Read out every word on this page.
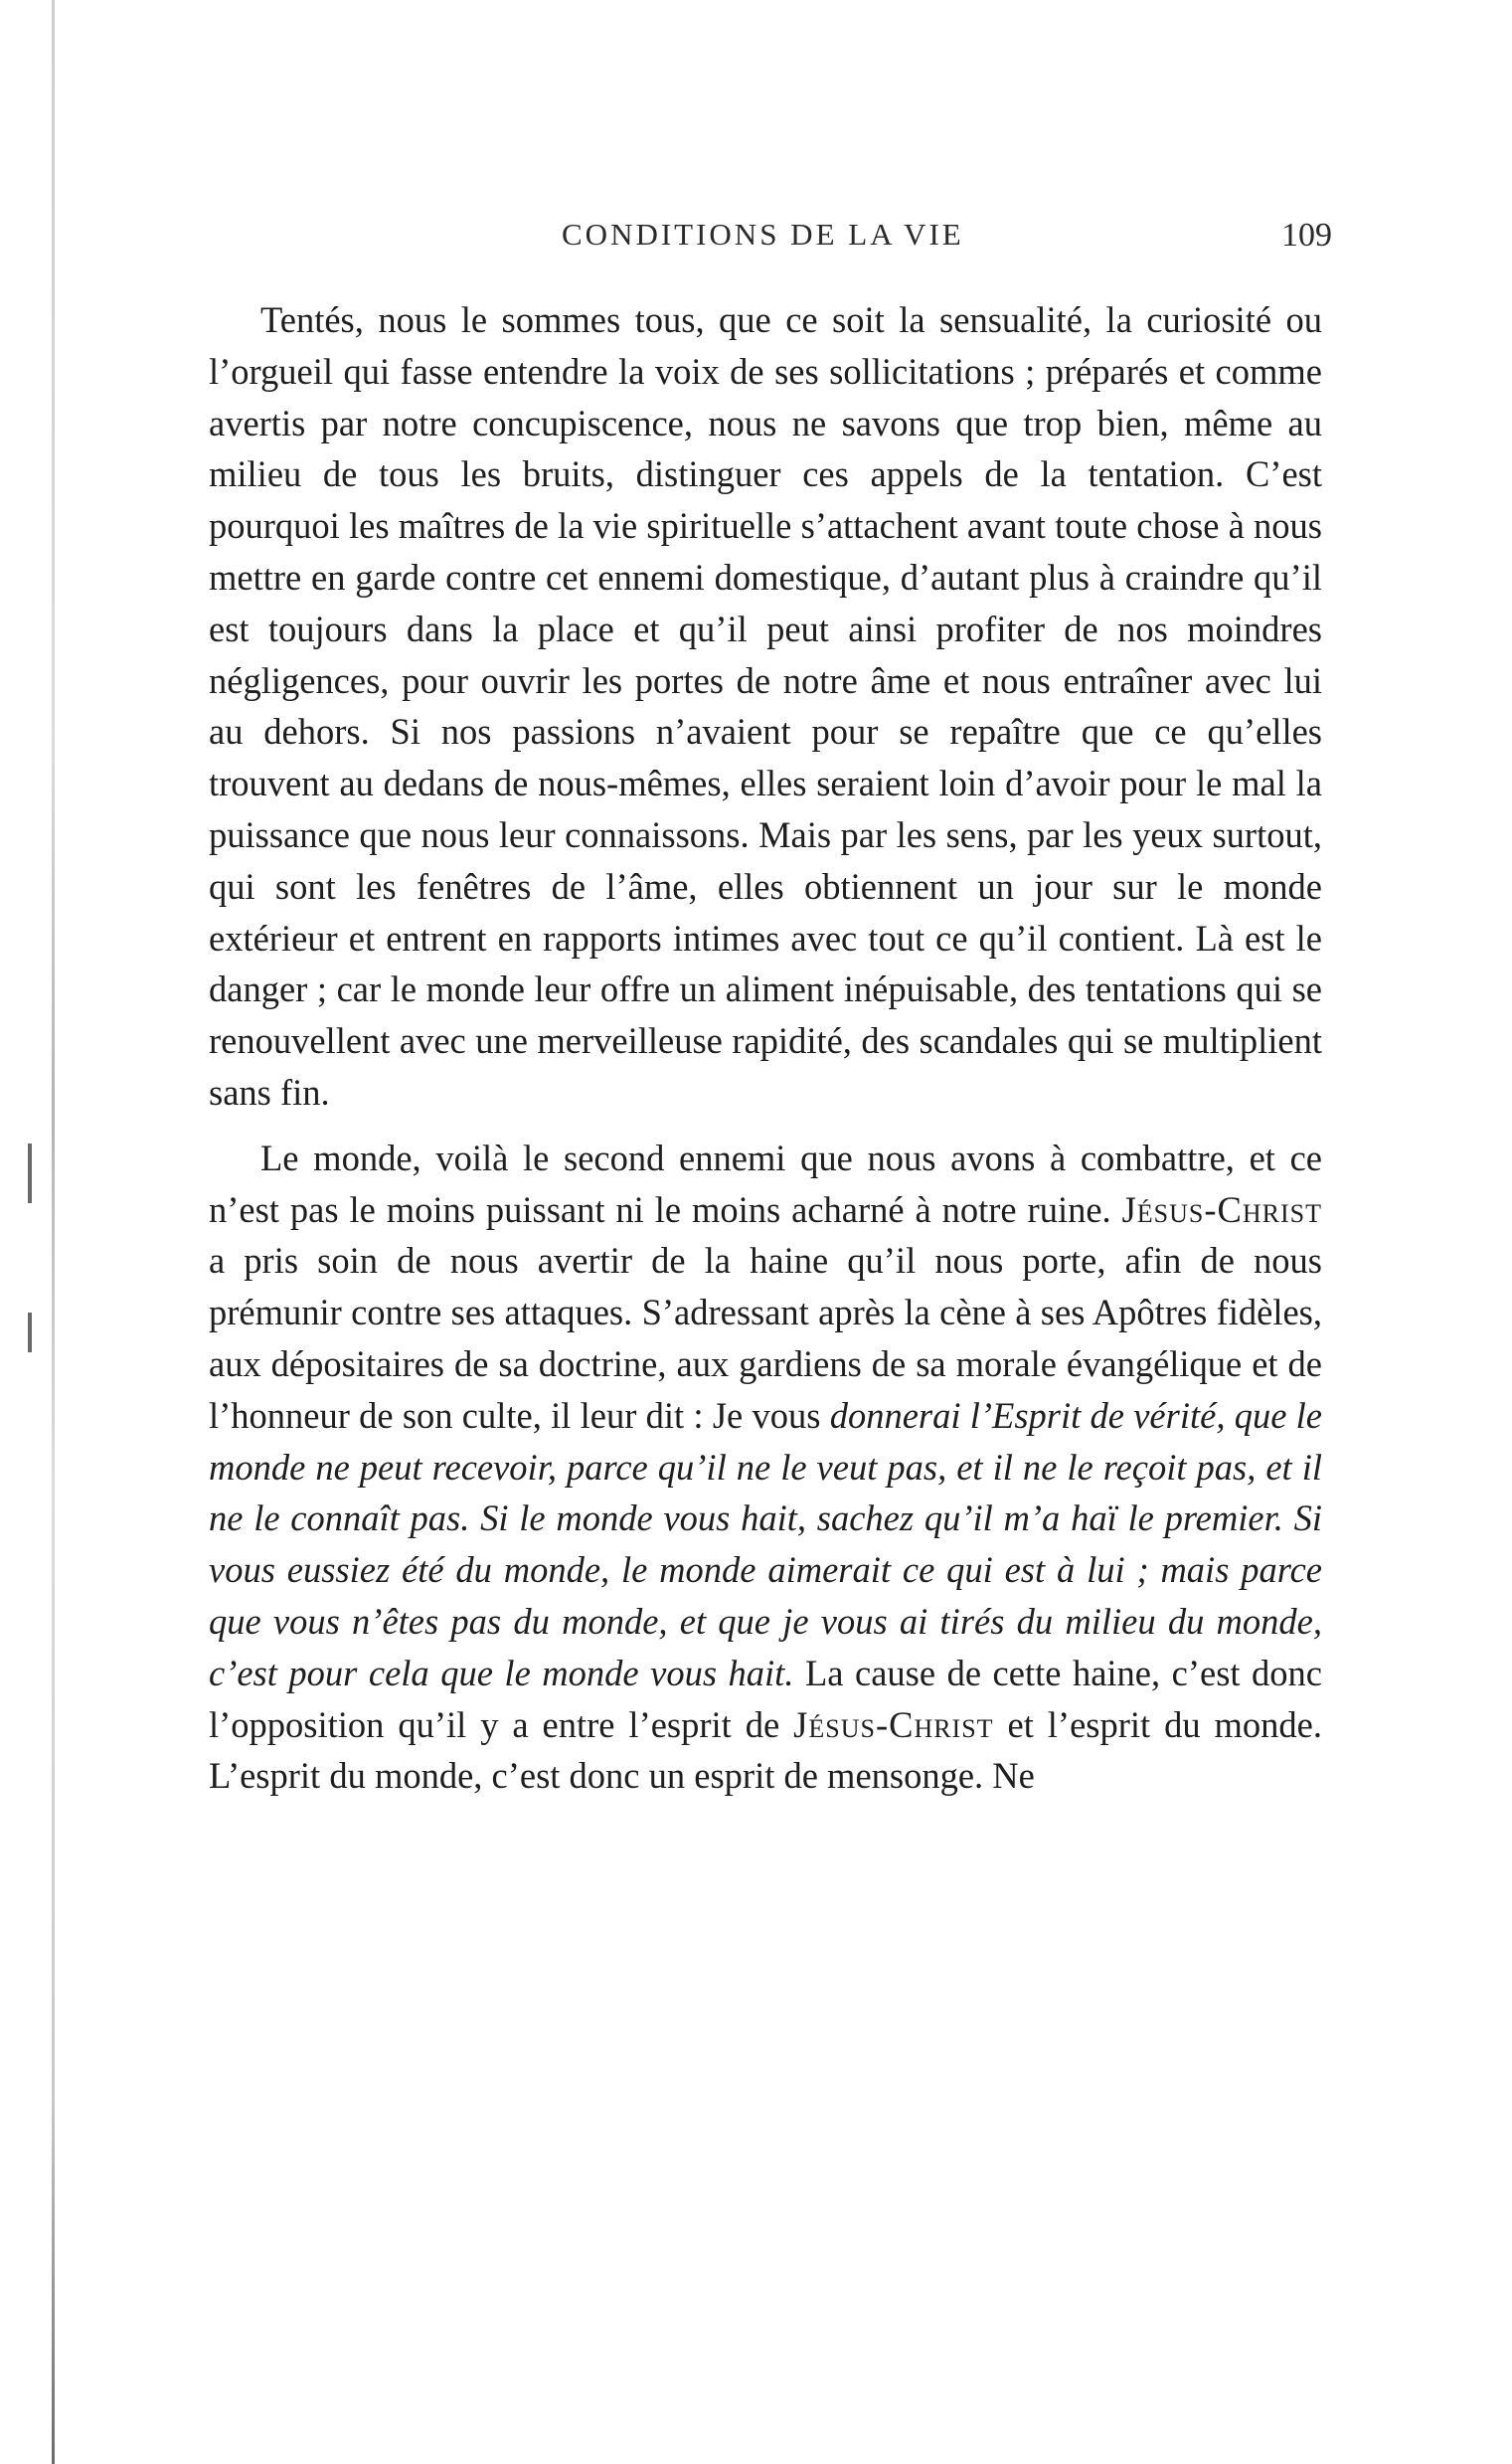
CONDITIONS DE LA VIE	109

Tentés, nous le sommes tous, que ce soit la sensualité, la curiosité ou l’orgueil qui fasse entendre la voix de ses sollicitations ; préparés et comme avertis par notre concupiscence, nous ne savons que trop bien, même au milieu de tous les bruits, distinguer ces appels de la tentation. C’est pourquoi les maîtres de la vie spirituelle s’attachent avant toute chose à nous mettre en garde contre cet ennemi domestique, d’autant plus à craindre qu’il est toujours dans la place et qu’il peut ainsi profiter de nos moindres négligences, pour ouvrir les portes de notre âme et nous entraîner avec lui au dehors. Si nos passions n’avaient pour se repaître que ce qu’elles trouvent au dedans de nous-mêmes, elles seraient loin d’avoir pour le mal la puissance que nous leur connaissons. Mais par les sens, par les yeux surtout, qui sont les fenêtres de l’âme, elles obtiennent un jour sur le monde extérieur et entrent en rapports intimes avec tout ce qu’il contient. Là est le danger ; car le monde leur offre un aliment inépuisable, des tentations qui se renouvellent avec une merveilleuse rapidité, des scandales qui se multiplient sans fin.

Le monde, voilà le second ennemi que nous avons à combattre, et ce n’est pas le moins puissant ni le moins acharné à notre ruine. Jésus-Christ a pris soin de nous avertir de la haine qu’il nous porte, afin de nous prémunir contre ses attaques. S’adressant après la cène à ses Apôtres fidèles, aux dépositaires de sa doctrine, aux gardiens de sa morale évangélique et de l’honneur de son culte, il leur dit : Je vous donnerai l’Esprit de vérité, que le monde ne peut recevoir, parce qu’il ne le veut pas, et il ne le reçoit pas, et il ne le connaît pas. Si le monde vous hait, sachez qu’il m’a haï le premier. Si vous eussiez été du monde, le monde aimerait ce qui est à lui ; mais parce que vous n’êtes pas du monde, et que je vous ai tirés du milieu du monde, c’est pour cela que le monde vous hait. La cause de cette haine, c’est donc l’opposition qu’il y a entre l’esprit de Jésus-Christ et l’esprit du monde. L’esprit du monde, c’est donc un esprit de mensonge. Ne
